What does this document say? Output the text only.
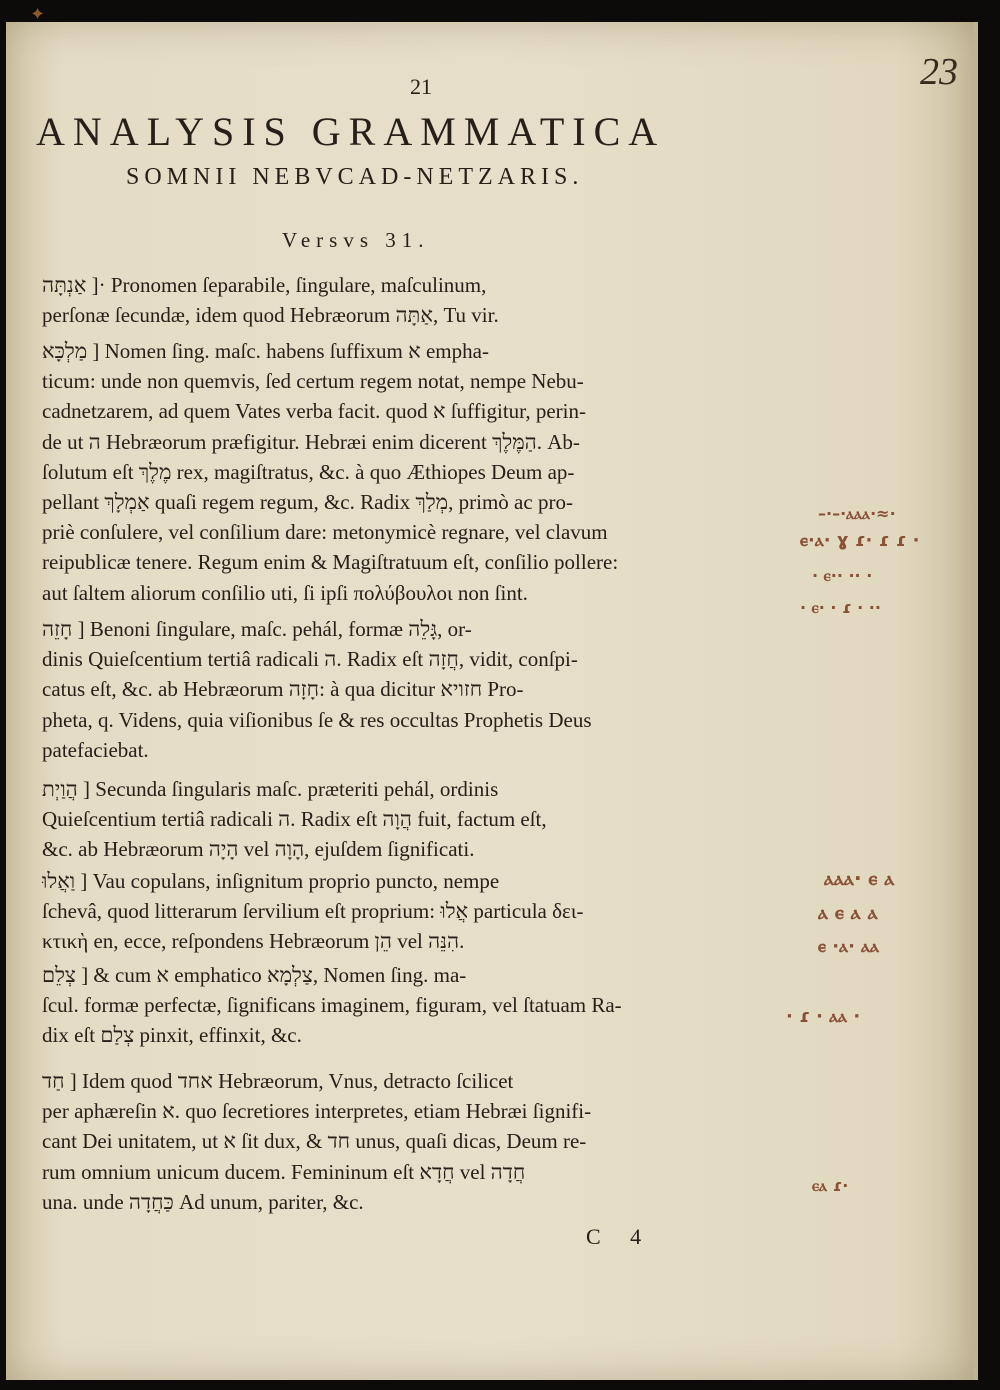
✦
23
21
ANALYSIS GRAMMATICA
SOMNII NEBVCAD-NETZARIS.
Versvs 31.
אַנְתָּה ]· Pronomen ſeparabile, ſingulare, maſculinum,
perſonæ ſecundæ, idem quod Hebræorum אַתָּה, Tu vir.
מַלְכָּא ] Nomen ſing. maſc. habens ſuffixum א empha-
ticum: unde non quemvis, ſed certum regem notat, nempe Nebu-
cadnetzarem, ad quem Vates verba facit. quod א ſuffigitur, perin-
de ut ה Hebræorum præfigitur. Hebræi enim dicerent הַמֶּלֶךְ. Ab-
ſolutum eſt מֶלֶךְ rex, magiſtratus, &c. à quo Æthiopes Deum ap-
pellant אַמְלָךְ quaſi regem regum, &c. Radix מְלַךְ, primò ac pro-
priè conſulere, vel conſilium dare: metonymicè regnare, vel clavum
reipublicæ tenere. Regum enim & Magiſtratuum eſt, conſilio pollere:
aut ſaltem aliorum conſilio uti, ſi ipſi πολύβουλοι non ſint.
חָזֵה ] Benoni ſingulare, maſc. pehál, formæ גָּלֵה, or-
dinis Quieſcentium tertiâ radicali ה. Radix eſt חֲזָה, vidit, conſpi-
catus eſt, &c. ab Hebræorum חָזָה: à qua dicitur חזויא Pro-
pheta, q. Videns, quia viſionibus ſe & res occultas Prophetis Deus
patefaciebat.
הֲוַיְת ] Secunda ſingularis maſc. præteriti pehál, ordinis
Quieſcentium tertiâ radicali ה. Radix eſt הֲוָה fuit, factum eſt,
&c. ab Hebræorum הָיָה vel הָוָה, ejuſdem ſignificati.
וַאֲלוּ ] Vau copulans, inſignitum proprio puncto, nempe
ſchevâ, quod litterarum ſervilium eſt proprium: אֲלוּ particula δει-
κτικὴ en, ecce, reſpondens Hebræorum הֵן vel הִנֵּה.
צְלֵם ] & cum א emphatico צַלְמָא, Nomen ſing. ma-
ſcul. formæ perfectæ, ſignificans imaginem, figuram, vel ſtatuam Ra-
dix eſt צְלַם pinxit, effinxit, &c.
חַד ] Idem quod אחד Hebræorum, Vnus, detracto ſcilicet
per aphæreſin א. quo ſecretiores interpretes, etiam Hebræi ſignifi-
cant Dei unitatem, ut א ſit dux, & חד unus, quaſi dicas, Deum re-
rum omnium unicum ducem. Femininum eſt חֲדָא vel חֲדָה
una. unde כַּחֲדָה Ad unum, pariter, &c.
C 4
–·–·ⲁⲁⲁ·≈·
ⲉ·ⲁ· ɣ ɾ· ɾ ɾ ·
· ⲉ·· ·· ·
· ⲉ· · ɾ · ··
ⲁⲁⲁ· ⲉ ⲁ
ⲁ ⲉ ⲁ ⲁ
ⲉ ·ⲁ· ⲁⲁ
· ɾ · ⲁⲁ ·
ⲉⲁ ɾ·
